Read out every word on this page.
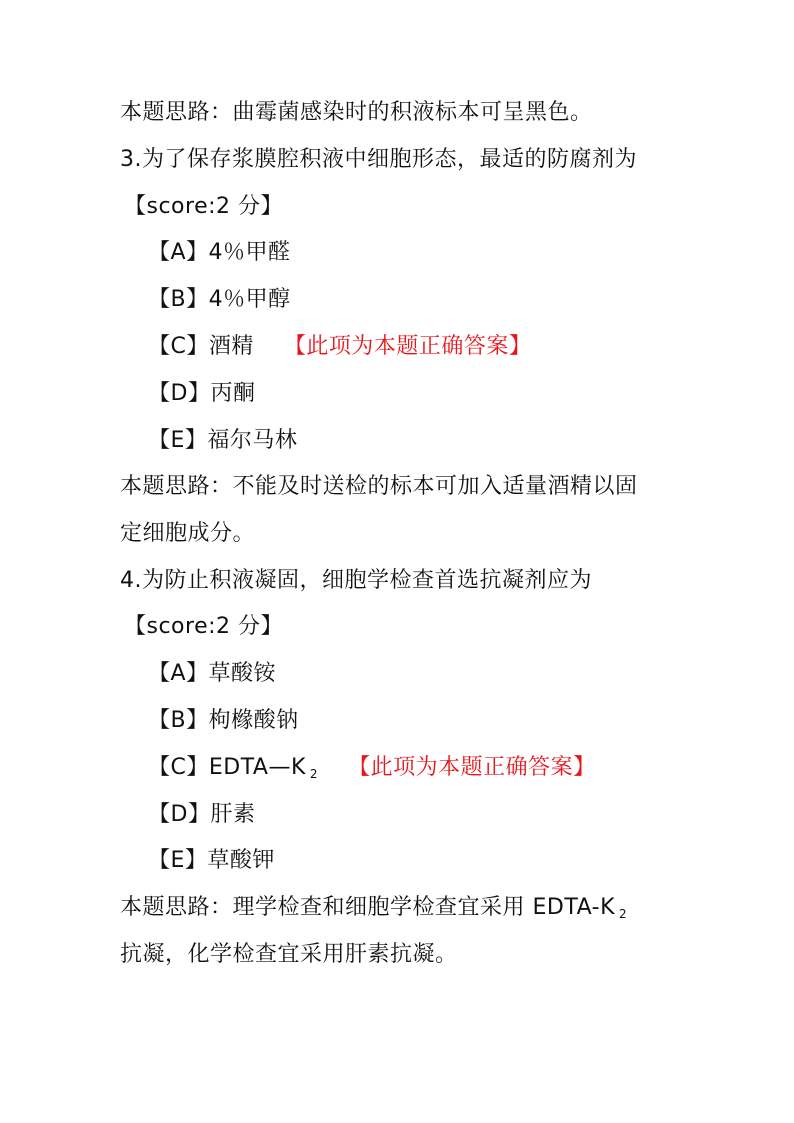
本题思路：曲霉菌感染时的积液标本可呈黑色。
3.为了保存浆膜腔积液中细胞形态，最适的防腐剂为
【score:2 分】
【A】4％甲醛
【B】4％甲醇
【C】酒精 【此项为本题正确答案】
【D】丙酮
【E】福尔马林
本题思路：不能及时送检的标本可加入适量酒精以固
定细胞成分。
4.为防止积液凝固，细胞学检查首选抗凝剂应为
【score:2 分】
【A】草酸铵
【B】枸橼酸钠
【C】EDTA—K $_2$ 【此项为本题正确答案】
【D】肝素
【E】草酸钾
本题思路：理学检查和细胞学检查宜采用 EDTA-K $_2$
抗凝，化学检查宜采用肝素抗凝。
